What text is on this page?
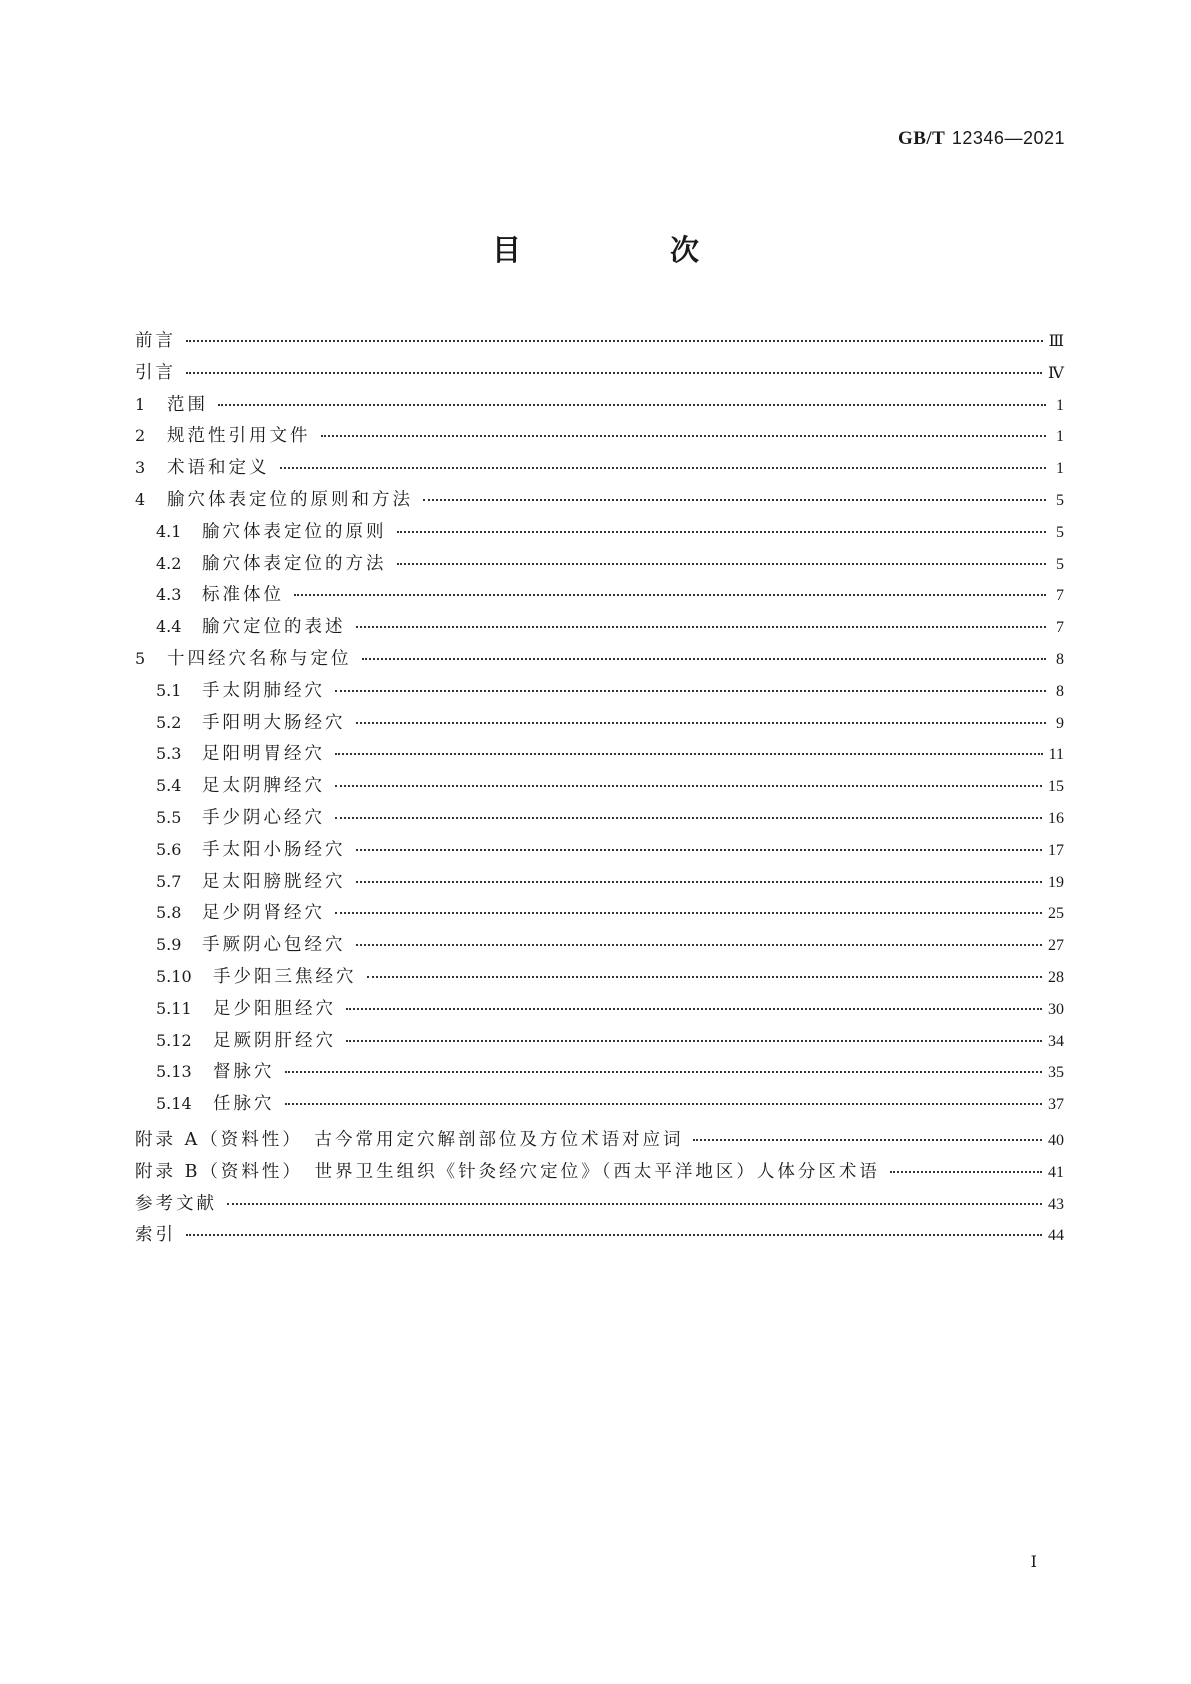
GB/T 12346—2021
目　次
前言	Ⅲ
引言	Ⅳ
1	范围	1
2	规范性引用文件	1
3	术语和定义	1
4	腧穴体表定位的原则和方法	5
4.1	腧穴体表定位的原则	5
4.2	腧穴体表定位的方法	5
4.3	标准体位	7
4.4	腧穴定位的表述	7
5	十四经穴名称与定位	8
5.1	手太阴肺经穴	8
5.2	手阳明大肠经穴	9
5.3	足阳明胃经穴	11
5.4	足太阴脾经穴	15
5.5	手少阴心经穴	16
5.6	手太阳小肠经穴	17
5.7	足太阳膀胱经穴	19
5.8	足少阴肾经穴	25
5.9	手厥阴心包经穴	27
5.10	手少阳三焦经穴	28
5.11	足少阳胆经穴	30
5.12	足厥阴肝经穴	34
5.13	督脉穴	35
5.14	任脉穴	37
附录 A（资料性）　古今常用定穴解剖部位及方位术语对应词	40
附录 B（资料性）　世界卫生组织《针灸经穴定位》（西太平洋地区）人体分区术语	41
参考文献	43
索引	44
Ⅰ
